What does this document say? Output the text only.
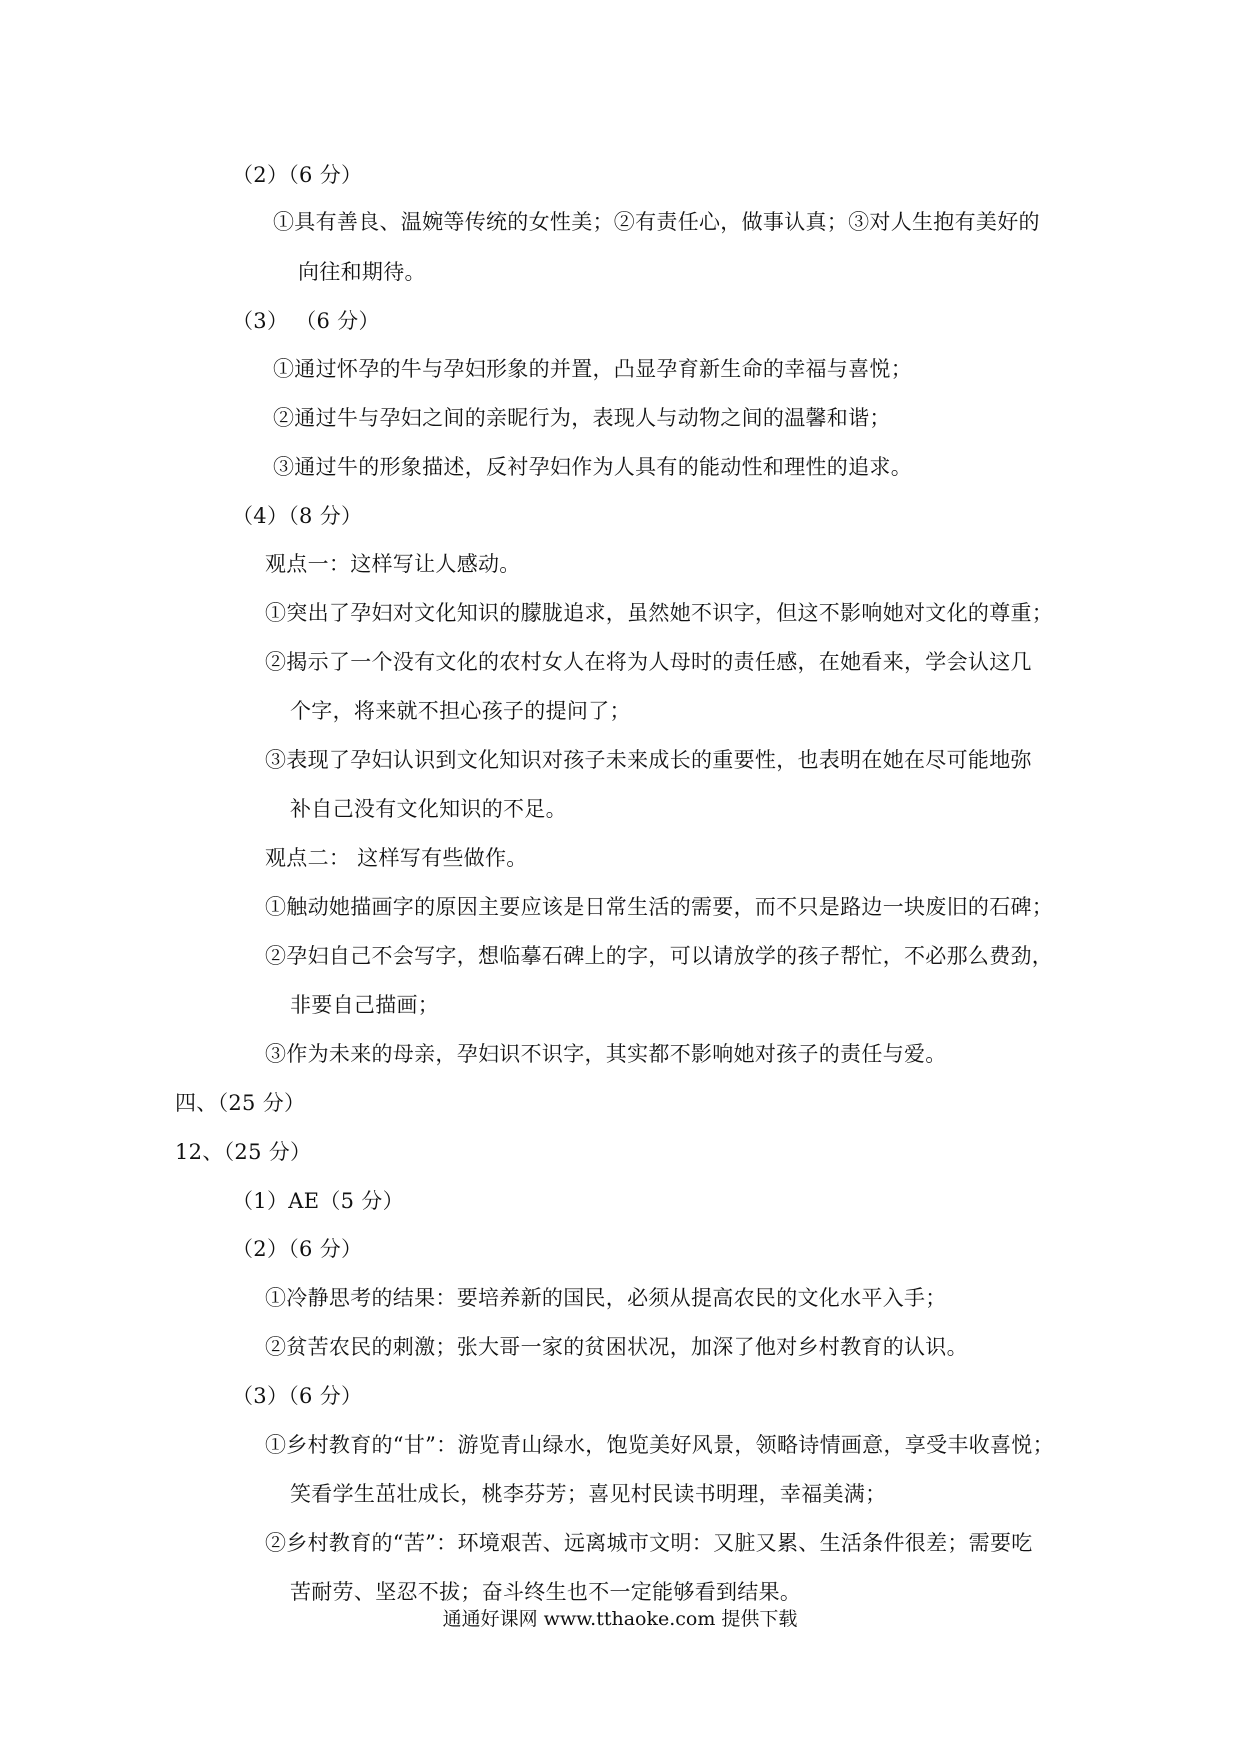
（2）（6 分）
①具有善良、温婉等传统的女性美；②有责任心，做事认真；③对人生抱有美好的
向往和期待。
（3） （6 分）
①通过怀孕的牛与孕妇形象的并置，凸显孕育新生命的幸福与喜悦；
②通过牛与孕妇之间的亲昵行为，表现人与动物之间的温馨和谐；
③通过牛的形象描述，反衬孕妇作为人具有的能动性和理性的追求。
（4）（8 分）
观点一：这样写让人感动。
①突出了孕妇对文化知识的朦胧追求，虽然她不识字，但这不影响她对文化的尊重；
②揭示了一个没有文化的农村女人在将为人母时的责任感，在她看来，学会认这几
个字，将来就不担心孩子的提问了；
③表现了孕妇认识到文化知识对孩子未来成长的重要性，也表明在她在尽可能地弥
补自己没有文化知识的不足。
观点二： 这样写有些做作。
①触动她描画字的原因主要应该是日常生活的需要，而不只是路边一块废旧的石碑；
②孕妇自己不会写字，想临摹石碑上的字，可以请放学的孩子帮忙，不必那么费劲，
非要自己描画；
③作为未来的母亲，孕妇识不识字，其实都不影响她对孩子的责任与爱。
四、（25 分）
12、（25 分）
（1）AE（5 分）
（2）（6 分）
①冷静思考的结果：要培养新的国民，必须从提高农民的文化水平入手；
②贫苦农民的刺激；张大哥一家的贫困状况，加深了他对乡村教育的认识。
（3）（6 分）
①乡村教育的“甘”：游览青山绿水，饱览美好风景，领略诗情画意，享受丰收喜悦；
笑看学生茁壮成长，桃李芬芳；喜见村民读书明理，幸福美满；
②乡村教育的“苦”：环境艰苦、远离城市文明：又脏又累、生活条件很差；需要吃
苦耐劳、坚忍不拔；奋斗终生也不一定能够看到结果。
通通好课网 www.tthaoke.com 提供下载
